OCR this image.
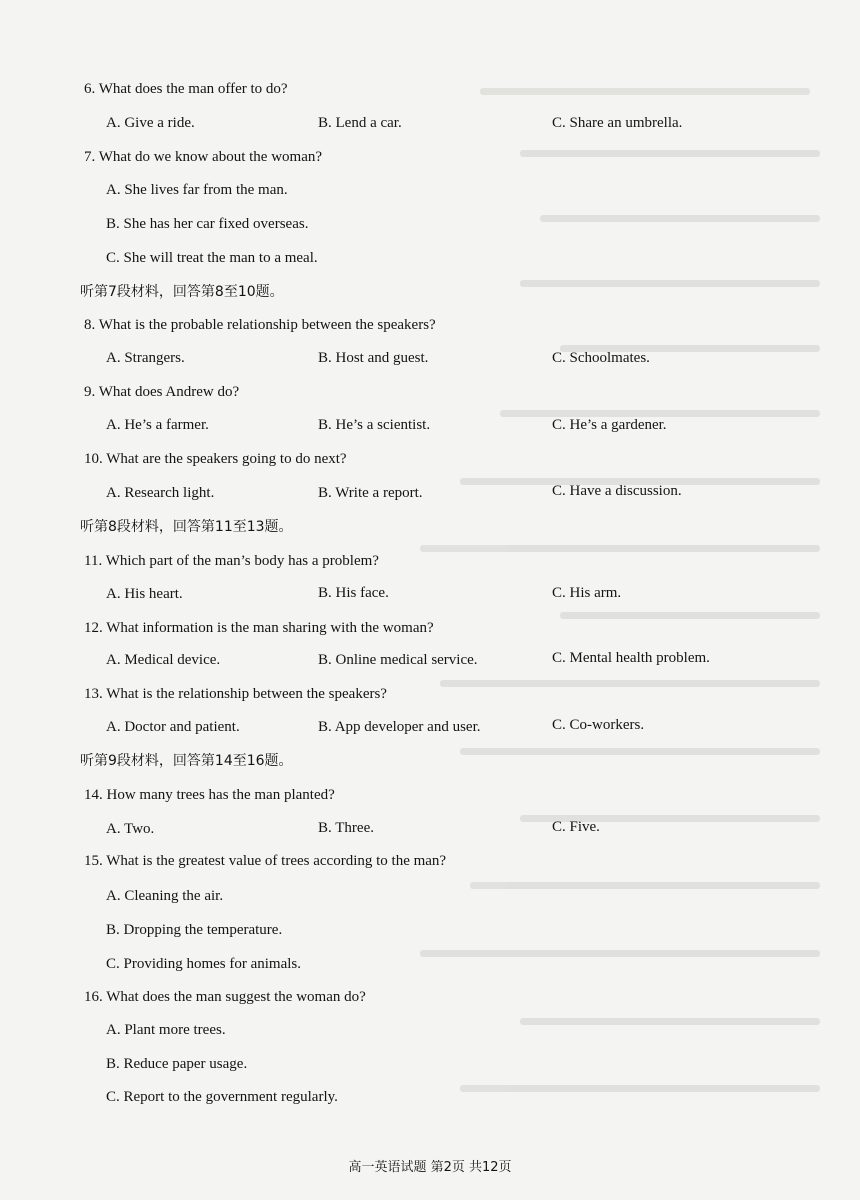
6. What does the man offer to do?
A. Give a ride.	B. Lend a car.	C. Share an umbrella.
7. What do we know about the woman?
A. She lives far from the man.
B. She has her car fixed overseas.
C. She will treat the man to a meal.
听第7段材料，回答第8至10题。
8. What is the probable relationship between the speakers?
A. Strangers.	B. Host and guest.	C. Schoolmates.
9. What does Andrew do?
A. He’s a farmer.	B. He’s a scientist.	C. He’s a gardener.
10. What are the speakers going to do next?
A. Research light.	B. Write a report.	C. Have a discussion.
听第8段材料，回答第11至13题。
11. Which part of the man’s body has a problem?
A. His heart.	B. His face.	C. His arm.
12. What information is the man sharing with the woman?
A. Medical device.	B. Online medical service.	C. Mental health problem.
13. What is the relationship between the speakers?
A. Doctor and patient.	B. App developer and user.	C. Co-workers.
听第9段材料，回答第14至16题。
14. How many trees has the man planted?
A. Two.	B. Three.	C. Five.
15. What is the greatest value of trees according to the man?
A. Cleaning the air.
B. Dropping the temperature.
C. Providing homes for animals.
16. What does the man suggest the woman do?
A. Plant more trees.
B. Reduce paper usage.
C. Report to the government regularly.
高一英语试题 第2页 共12页
